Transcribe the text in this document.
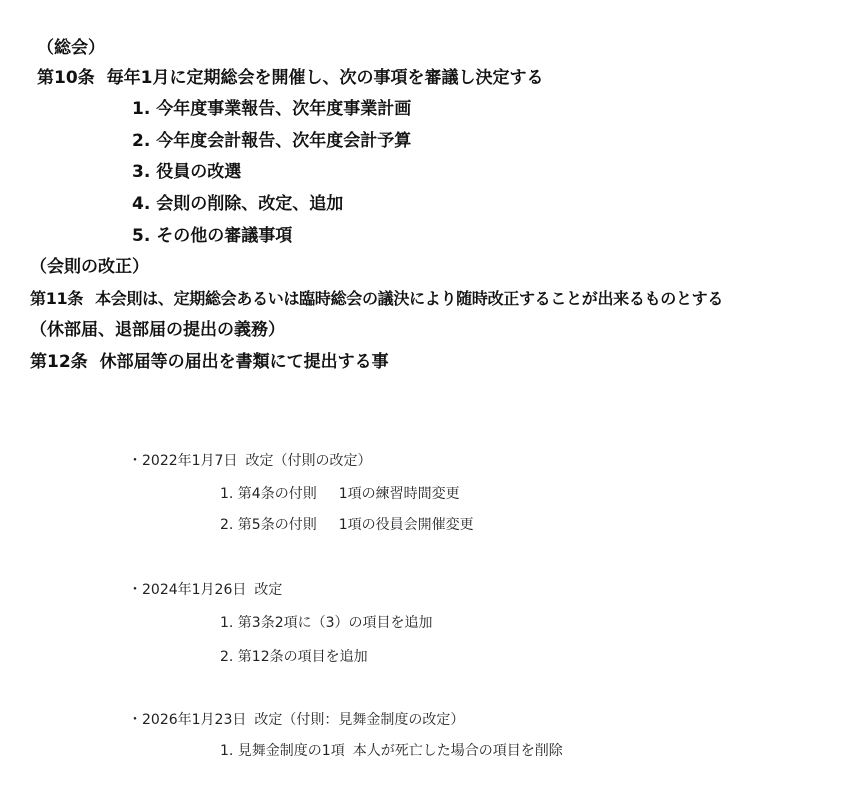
（総会）
第10条 毎年1月に定期総会を開催し、次の事項を審議し決定する
1. 今年度事業報告、次年度事業計画
2. 今年度会計報告、次年度会計予算
3. 役員の改選
4. 会則の削除、改定、追加
5. その他の審議事項
（会則の改正）
第11条 本会則は、定期総会あるいは臨時総会の議決により随時改正することが出来るものとする
（休部届、退部届の提出の義務）
第12条 休部届等の届出を書類にて提出する事
・2022年1月7日 改定（付則の改定）
1. 第4条の付則 1項の練習時間変更
2. 第5条の付則 1項の役員会開催変更
・2024年1月26日 改定
1. 第3条2項に（3）の項目を追加
2. 第12条の項目を追加
・2026年1月23日 改定（付則：見舞金制度の改定）
1. 見舞金制度の1項 本人が死亡した場合の項目を削除
